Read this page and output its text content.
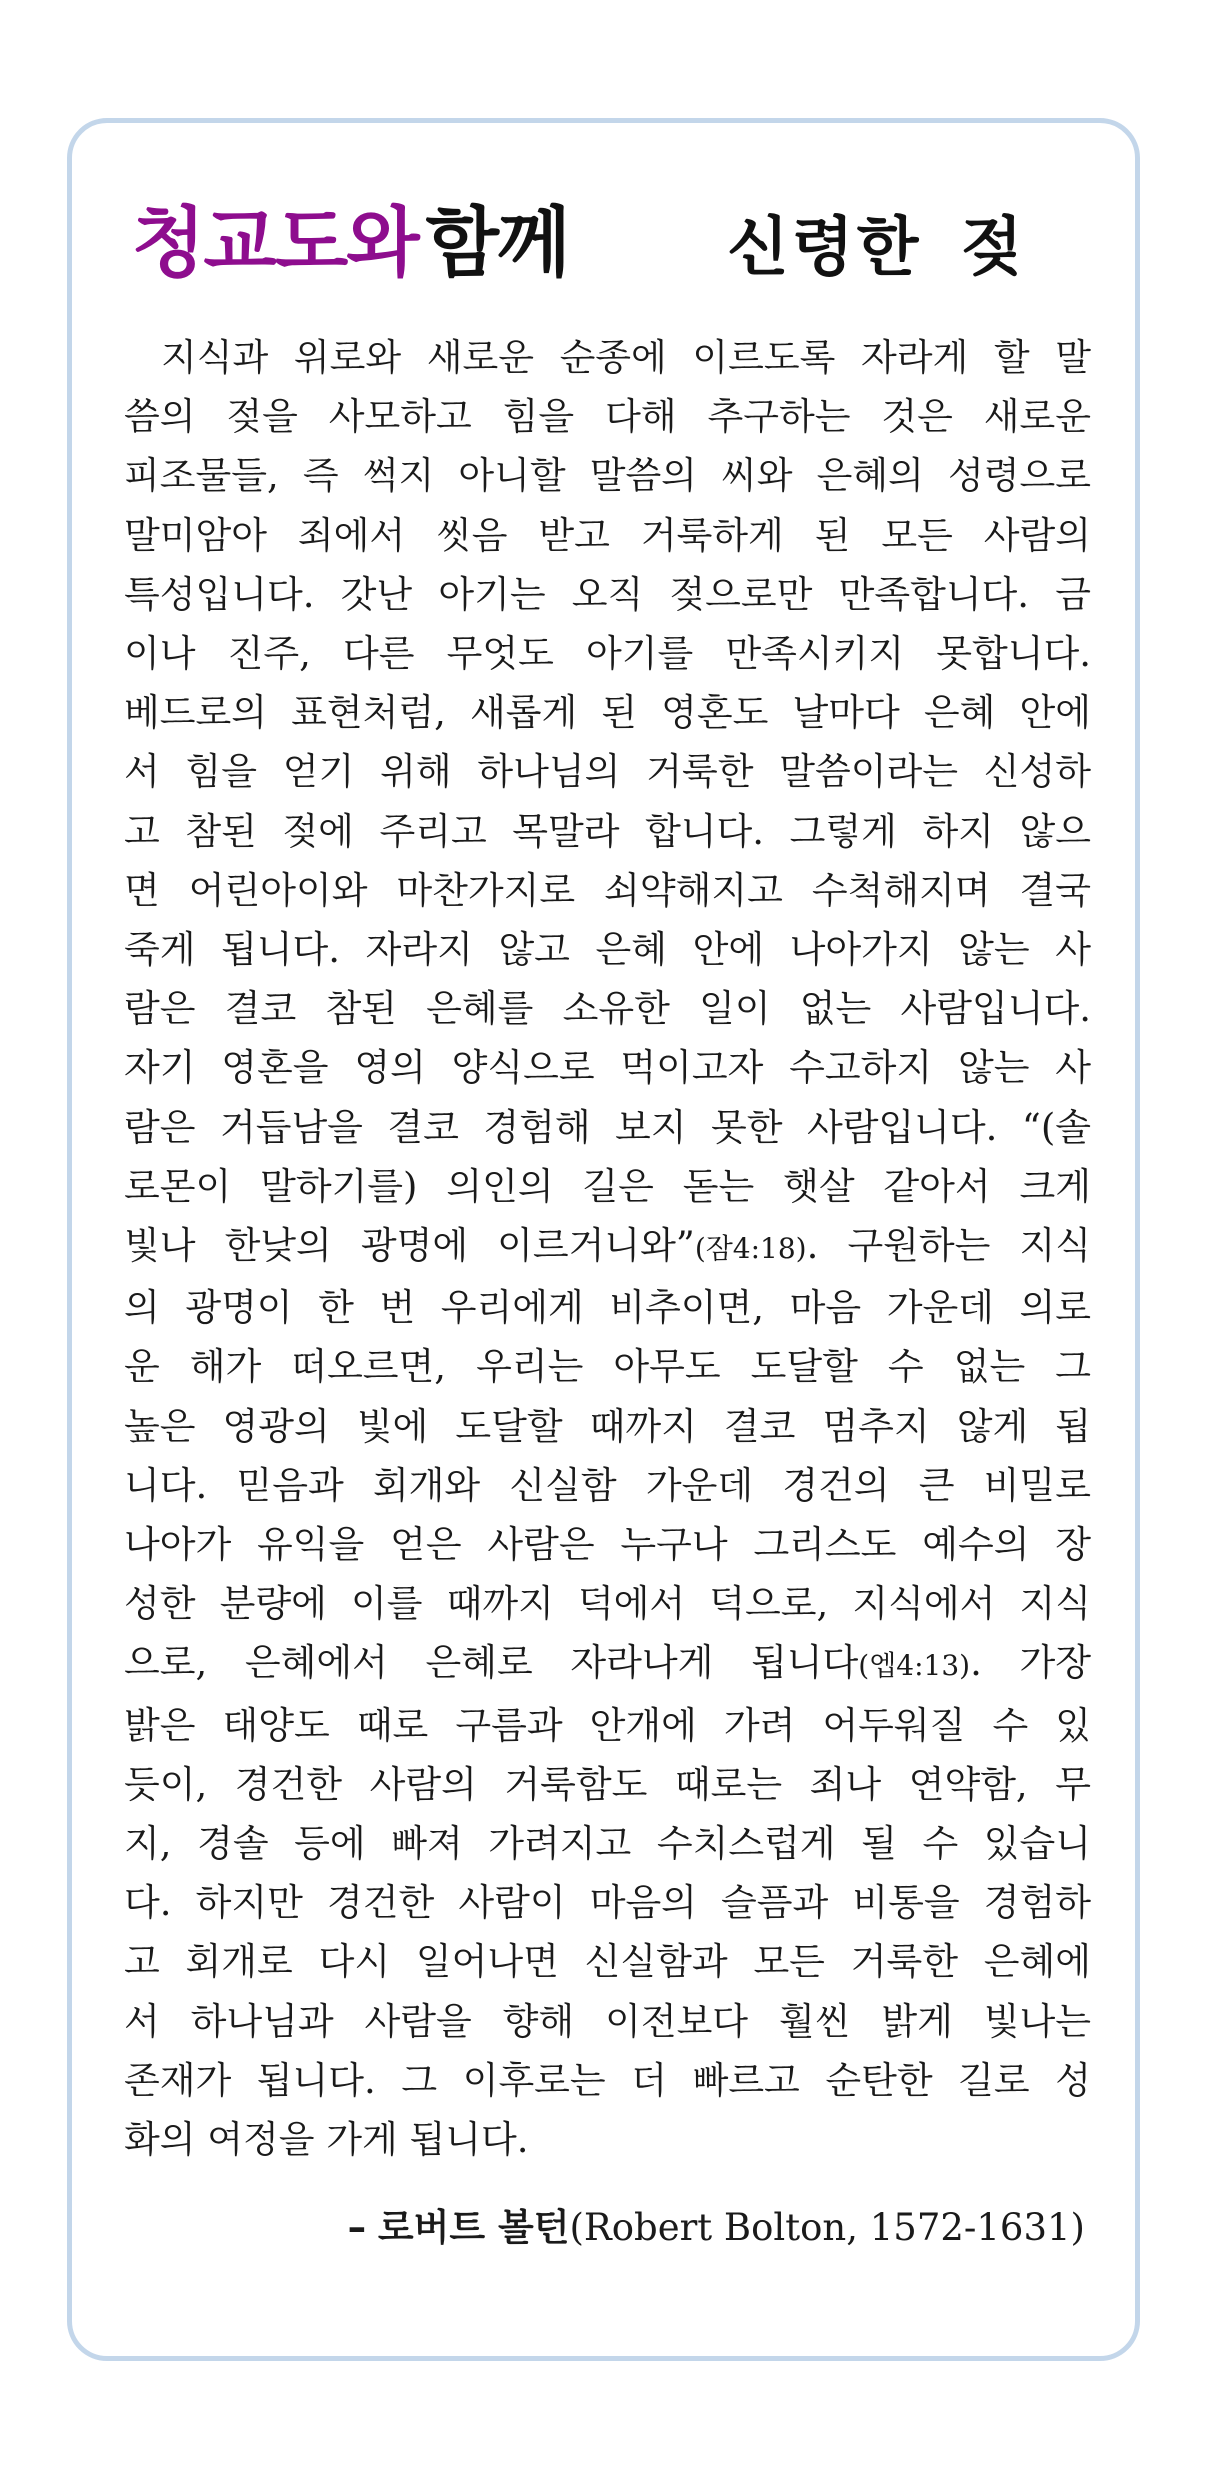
청교도와 함께 신령한 젖
지식과 위로와 새로운 순종에 이르도록 자라게 할 말
씀의 젖을 사모하고 힘을 다해 추구하는 것은 새로운
피조물들, 즉 썩지 아니할 말씀의 씨와 은혜의 성령으로
말미암아 죄에서 씻음 받고 거룩하게 된 모든 사람의
특성입니다. 갓난 아기는 오직 젖으로만 만족합니다. 금
이나 진주, 다른 무엇도 아기를 만족시키지 못합니다.
베드로의 표현처럼, 새롭게 된 영혼도 날마다 은혜 안에
서 힘을 얻기 위해 하나님의 거룩한 말씀이라는 신성하
고 참된 젖에 주리고 목말라 합니다. 그렇게 하지 않으
면 어린아이와 마찬가지로 쇠약해지고 수척해지며 결국
죽게 됩니다. 자라지 않고 은혜 안에 나아가지 않는 사
람은 결코 참된 은혜를 소유한 일이 없는 사람입니다.
자기 영혼을 영의 양식으로 먹이고자 수고하지 않는 사
람은 거듭남을 결코 경험해 보지 못한 사람입니다. “(솔
로몬이 말하기를) 의인의 길은 돋는 햇살 같아서 크게
빛나 한낮의 광명에 이르거니와”(잠4:18). 구원하는 지식
의 광명이 한 번 우리에게 비추이면, 마음 가운데 의로
운 해가 떠오르면, 우리는 아무도 도달할 수 없는 그
높은 영광의 빛에 도달할 때까지 결코 멈추지 않게 됩
니다. 믿음과 회개와 신실함 가운데 경건의 큰 비밀로
나아가 유익을 얻은 사람은 누구나 그리스도 예수의 장
성한 분량에 이를 때까지 덕에서 덕으로, 지식에서 지식
으로, 은혜에서 은혜로 자라나게 됩니다(엡4:13). 가장
밝은 태양도 때로 구름과 안개에 가려 어두워질 수 있
듯이, 경건한 사람의 거룩함도 때로는 죄나 연약함, 무
지, 경솔 등에 빠져 가려지고 수치스럽게 될 수 있습니
다. 하지만 경건한 사람이 마음의 슬픔과 비통을 경험하
고 회개로 다시 일어나면 신실함과 모든 거룩한 은혜에
서 하나님과 사람을 향해 이전보다 훨씬 밝게 빛나는
존재가 됩니다. 그 이후로는 더 빠르고 순탄한 길로 성
화의 여정을 가게 됩니다.
– 로버트 볼턴(Robert Bolton, 1572-1631)
